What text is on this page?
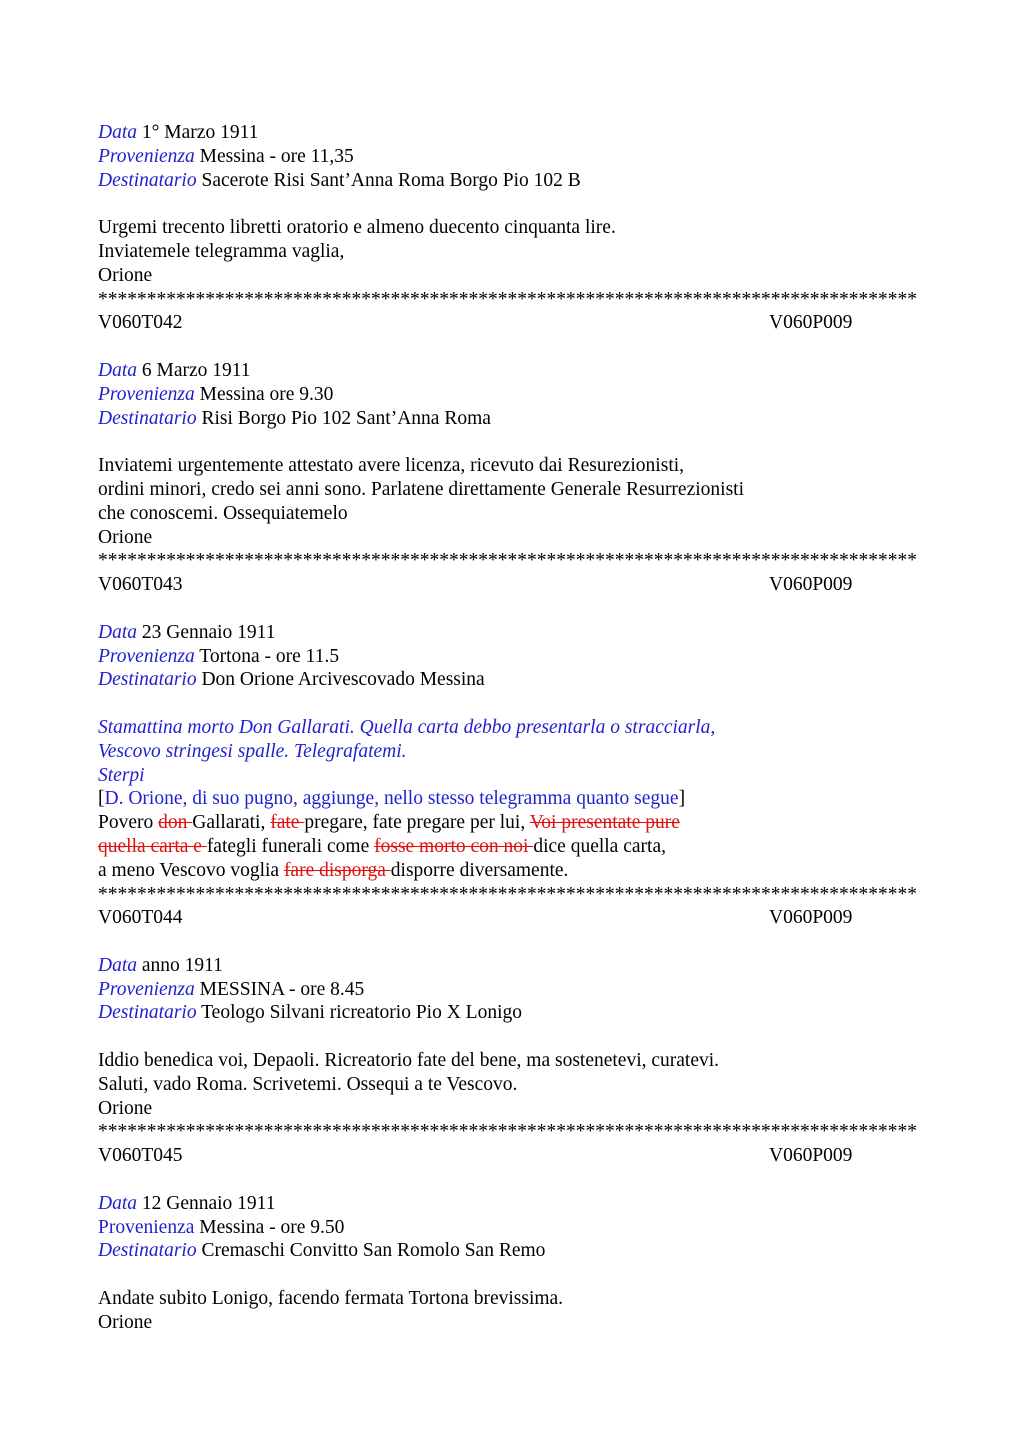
Data 1° Marzo 1911
Provenienza Messina - ore 11,35
Destinatario Sacerote Risi Sant’Anna Roma Borgo Pio 102 B
Urgemi trecento libretti oratorio e almeno duecento cinquanta lire.
Inviatemele telegramma vaglia,
Orione
************************************************************************************
V060T042	V060P009
Data 6 Marzo 1911
Provenienza Messina ore 9.30
Destinatario Risi Borgo Pio 102 Sant’Anna Roma
Inviatemi urgentemente attestato avere licenza, ricevuto dai Resurezionisti,
ordini minori, credo sei anni sono. Parlatene direttamente Generale Resurrezionisti
che conoscemi. Ossequiatemelo
Orione
************************************************************************************
V060T043	V060P009
Data 23 Gennaio 1911
Provenienza Tortona - ore 11.5
Destinatario Don Orione Arcivescovado Messina
Stamattina morto Don Gallarati. Quella carta debbo presentarla o stracciarla,
Vescovo stringesi spalle. Telegrafatemi.
Sterpi
[D. Orione, di suo pugno, aggiunge, nello stesso telegramma quanto segue]
Povero don Gallarati, fate pregare, fate pregare per lui, Voi presentate pure
quella carta e fategli funerali come fosse morto con noi dice quella carta,
a meno Vescovo voglia fare disporga disporre diversamente.
************************************************************************************
V060T044	V060P009
Data anno 1911
Provenienza MESSINA - ore 8.45
Destinatario Teologo Silvani ricreatorio Pio X Lonigo
Iddio benedica voi, Depaoli. Ricreatorio fate del bene, ma sostenetevi, curatevi.
Saluti, vado Roma. Scrivetemi. Ossequi a te Vescovo.
Orione
************************************************************************************
V060T045	V060P009
Data 12 Gennaio 1911
Provenienza Messina - ore 9.50
Destinatario Cremaschi Convitto San Romolo San Remo
Andate subito Lonigo, facendo fermata Tortona brevissima.
Orione
